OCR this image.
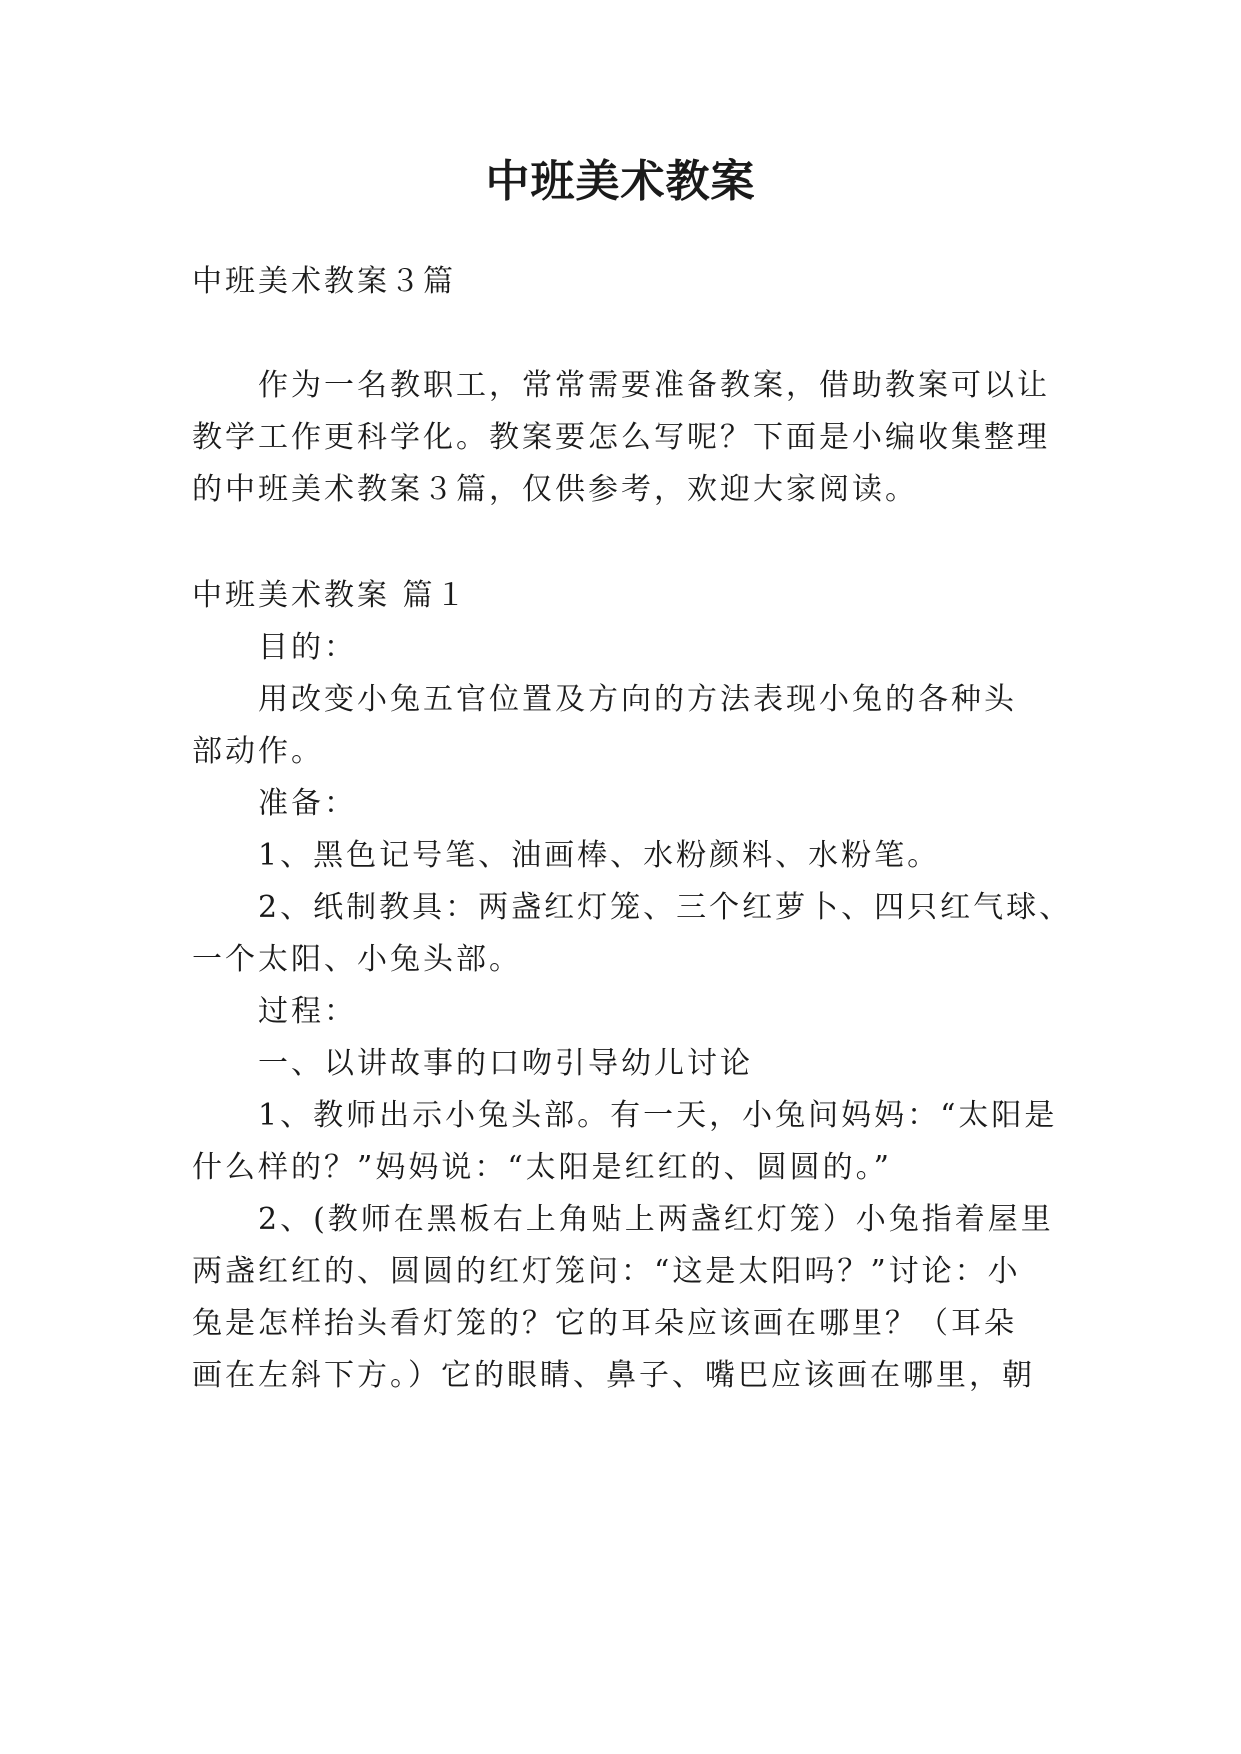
中班美术教案
中班美术教案３篇
作为一名教职工，常常需要准备教案，借助教案可以让
教学工作更科学化。教案要怎么写呢？下面是小编收集整理
的中班美术教案３篇，仅供参考，欢迎大家阅读。
中班美术教案 篇１
目的：
用改变小兔五官位置及方向的方法表现小兔的各种头
部动作。
准备：
1、黑色记号笔、油画棒、水粉颜料、水粉笔。
2、纸制教具：两盏红灯笼、三个红萝卜、四只红气球、
一个太阳、小兔头部。
过程：
一、以讲故事的口吻引导幼儿讨论
1、教师出示小兔头部。有一天，小兔问妈妈：“太阳是
什么样的？”妈妈说：“太阳是红红的、圆圆的。”
2、(教师在黑板右上角贴上两盏红灯笼）小兔指着屋里
两盏红红的、圆圆的红灯笼问：“这是太阳吗？”讨论：小
兔是怎样抬头看灯笼的？它的耳朵应该画在哪里？（耳朵
画在左斜下方。）它的眼睛、鼻子、嘴巴应该画在哪里，朝
